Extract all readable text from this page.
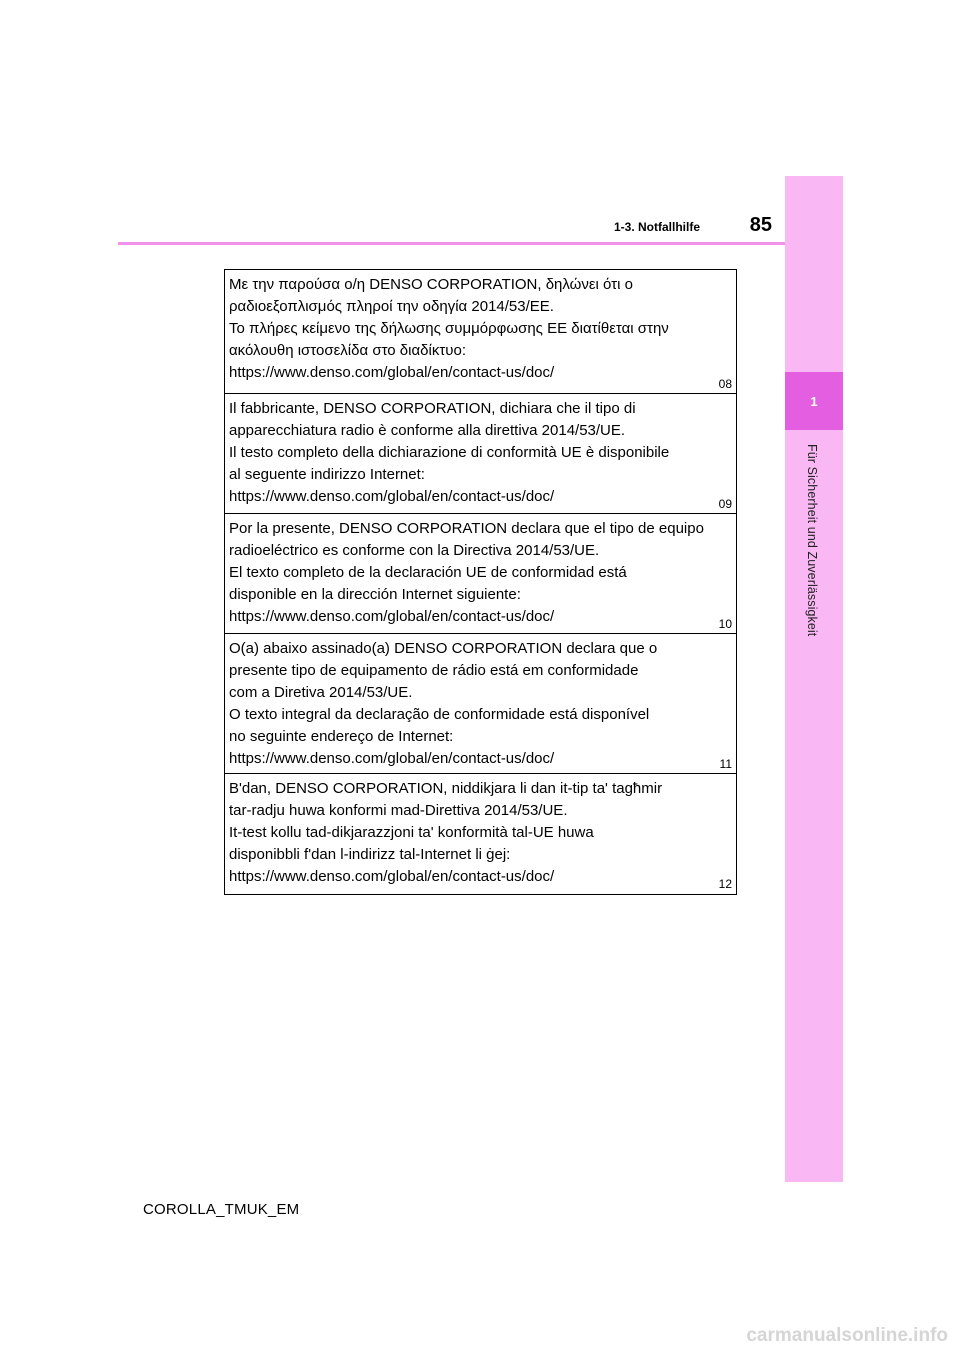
1
Für Sicherheit und Zuverlässigkeit
1-3. Notfallhilfe	85
Με την παρούσα ο/η DENSO CORPORATION, δηλώνει ότι ο
ραδιοεξοπλισμός πληροί την οδηγία 2014/53/ΕΕ.
Το πλήρες κείμενο της δήλωσης συμμόρφωσης ΕΕ διατίθεται στην
ακόλουθη ιστοσελίδα στο διαδίκτυο:
https://www.denso.com/global/en/contact-us/doc/
08
Il fabbricante, DENSO CORPORATION, dichiara che il tipo di
apparecchiatura radio è conforme alla direttiva 2014/53/UE.
Il testo completo della dichiarazione di conformità UE è disponibile
al seguente indirizzo Internet:
https://www.denso.com/global/en/contact-us/doc/	09
Por la presente, DENSO CORPORATION declara que el tipo de equipo
radioeléctrico es conforme con la Directiva 2014/53/UE.
El texto completo de la declaración UE de conformidad está
disponible en la dirección Internet siguiente:
https://www.denso.com/global/en/contact-us/doc/	10
O(a) abaixo assinado(a) DENSO CORPORATION declara que o
presente tipo de equipamento de rádio está em conformidade
com a Diretiva 2014/53/UE.
O texto integral da declaração de conformidade está disponível
no seguinte endereço de Internet:
https://www.denso.com/global/en/contact-us/doc/	11
B'dan, DENSO CORPORATION, niddikjara li dan it-tip ta' tagħmir
tar-radju huwa konformi mad-Direttiva 2014/53/UE.
It-test kollu tad-dikjarazzjoni ta' konformità tal-UE huwa
disponibbli f'dan l-indirizz tal-Internet li ġej:
https://www.denso.com/global/en/contact-us/doc/	12
COROLLA_TMUK_EM
carmanualsonline.info
